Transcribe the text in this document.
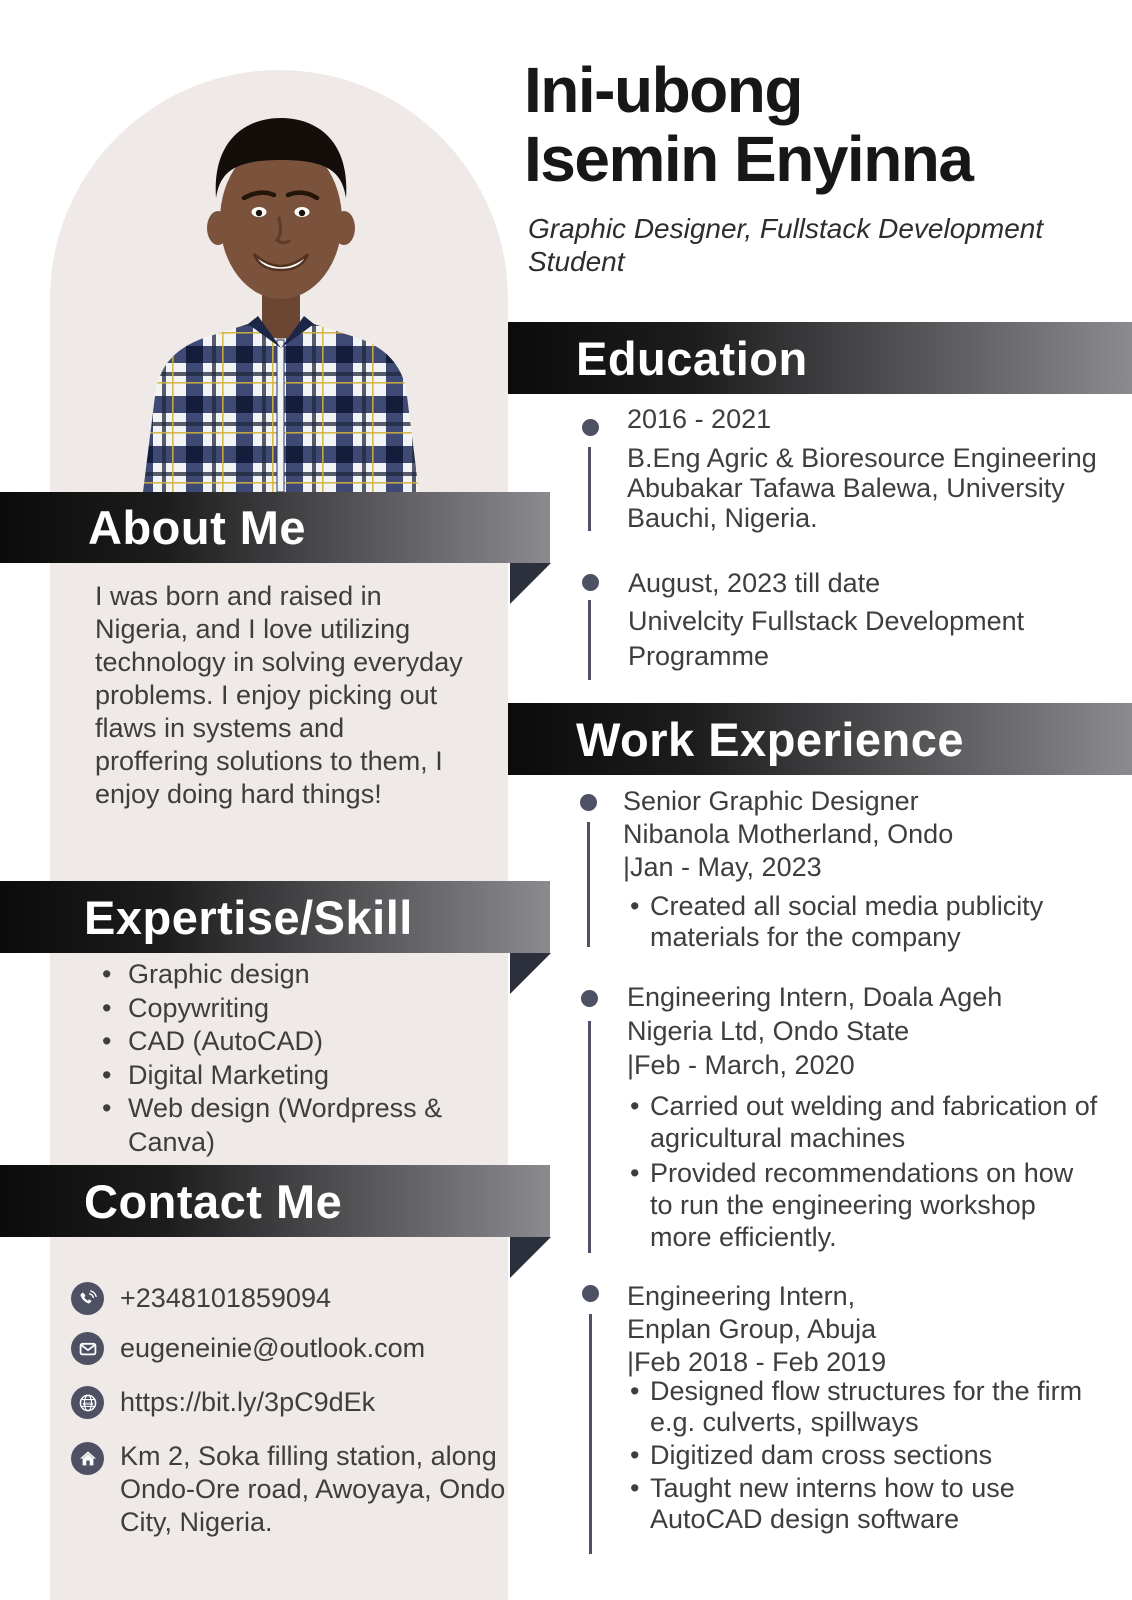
Ini-ubong
Isemin Enyinna
Graphic Designer, Fullstack Development Student
Education
2016 - 2021
B.Eng Agric & Bioresource Engineering
Abubakar Tafawa Balewa, University
Bauchi, Nigeria.
August, 2023 till date
Univelcity Fullstack Development
Programme
Work Experience
Senior Graphic Designer
Nibanola Motherland, Ondo
|Jan - May, 2023
• Created all social media publicity materials for the company
Engineering Intern, Doala Ageh
Nigeria Ltd, Ondo State
|Feb - March, 2020
• Carried out welding and fabrication of agricultural machines
• Provided recommendations on how to run the engineering workshop more efficiently.
Engineering Intern,
Enplan Group, Abuja
|Feb 2018 - Feb 2019
• Designed flow structures for the firm e.g. culverts, spillways
• Digitized dam cross sections
• Taught new interns how to use AutoCAD design software
About Me
I was born and raised in Nigeria, and I love utilizing technology in solving everyday problems. I enjoy picking out flaws in systems and proffering solutions to them, I enjoy doing hard things!
Expertise/Skill
• Graphic design
• Copywriting
• CAD (AutoCAD)
• Digital Marketing
• Web design (Wordpress & Canva)
Contact Me
+2348101859094
eugeneinie@outlook.com
www https://bit.ly/3pC9dEk
Km 2, Soka filling station, along Ondo-Ore road, Awoyaya, Ondo City, Nigeria.
